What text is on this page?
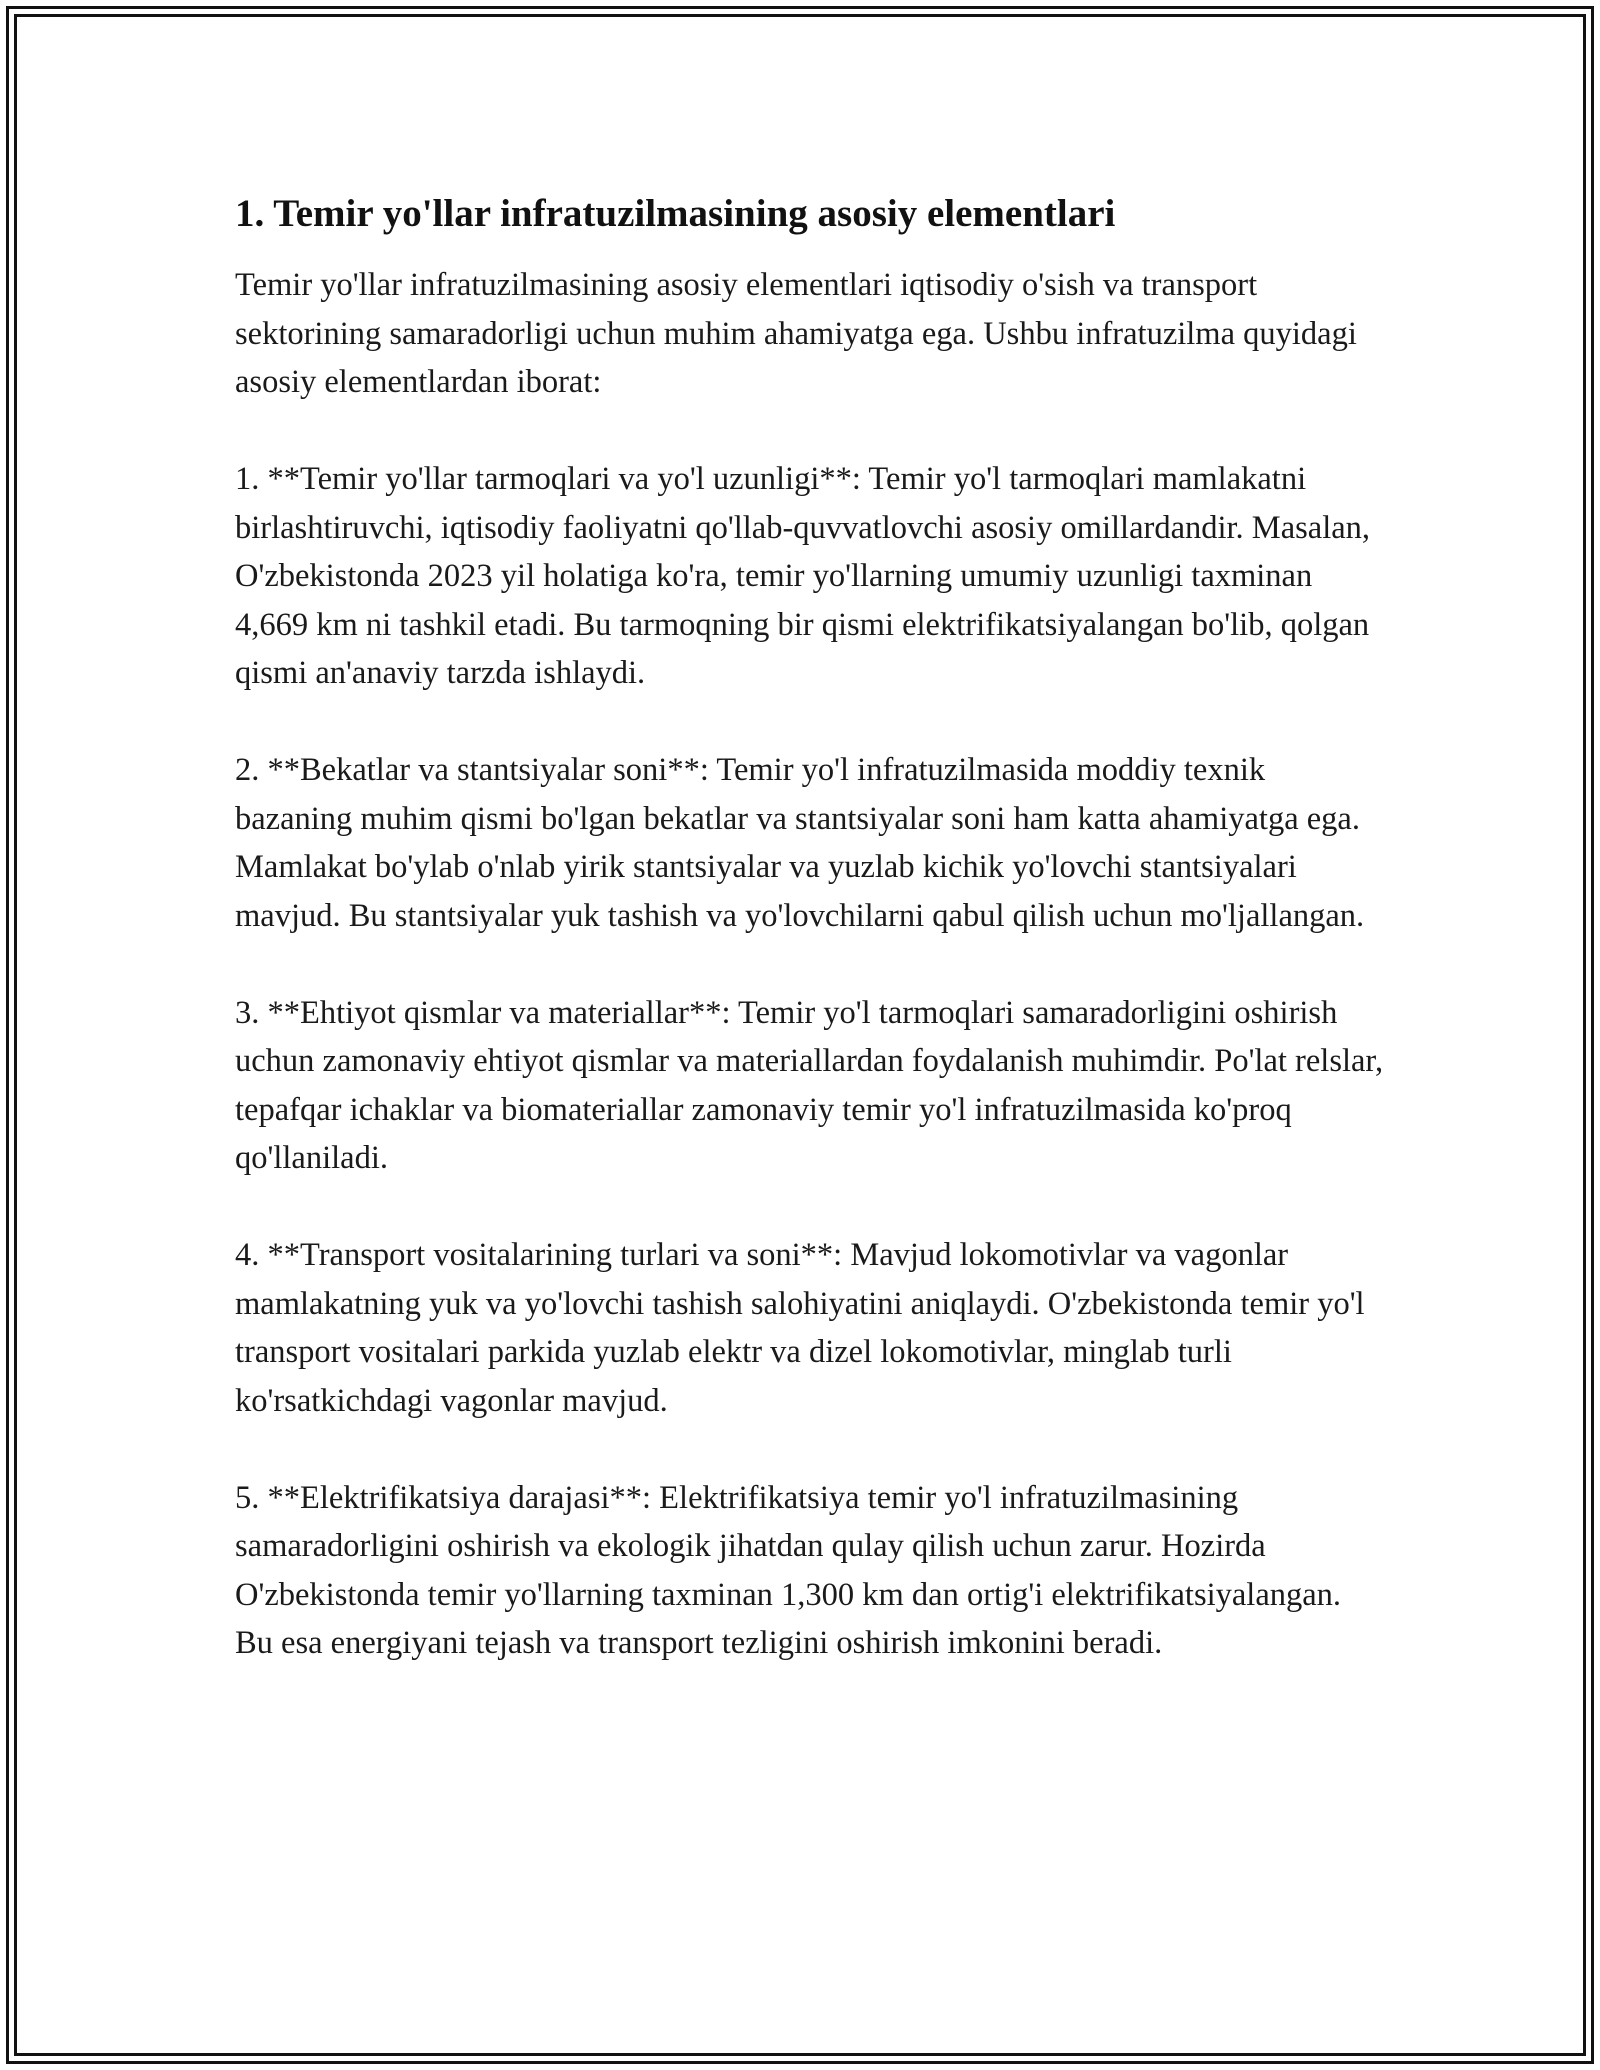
1. Temir yo'llar infratuzilmasining asosiy elementlari

Temir yo'llar infratuzilmasining asosiy elementlari iqtisodiy o'sish va transport sektorining samaradorligi uchun muhim ahamiyatga ega. Ushbu infratuzilma quyidagi asosiy elementlardan iborat:

1. **Temir yo'llar tarmoqlari va yo'l uzunligi**: Temir yo'l tarmoqlari mamlakatni birlashtiruvchi, iqtisodiy faoliyatni qo'llab-quvvatlovchi asosiy omillardandir. Masalan, O'zbekistonda 2023 yil holatiga ko'ra, temir yo'llarning umumiy uzunligi taxminan 4,669 km ni tashkil etadi. Bu tarmoqning bir qismi elektrifikatsiyalangan bo'lib, qolgan qismi an'anaviy tarzda ishlaydi.

2. **Bekatlar va stantsiyalar soni**: Temir yo'l infratuzilmasida moddiy texnik bazaning muhim qismi bo'lgan bekatlar va stantsiyalar soni ham katta ahamiyatga ega. Mamlakat bo'ylab o'nlab yirik stantsiyalar va yuzlab kichik yo'lovchi stantsiyalari mavjud. Bu stantsiyalar yuk tashish va yo'lovchilarni qabul qilish uchun mo'ljallangan.

3. **Ehtiyot qismlar va materiallar**: Temir yo'l tarmoqlari samaradorligini oshirish uchun zamonaviy ehtiyot qismlar va materiallardan foydalanish muhimdir. Po'lat relslar, tepafqar ichaklar va biomateriallar zamonaviy temir yo'l infratuzilmasida ko'proq qo'llaniladi.

4. **Transport vositalarining turlari va soni**: Mavjud lokomotivlar va vagonlar mamlakatning yuk va yo'lovchi tashish salohiyatini aniqlaydi. O'zbekistonda temir yo'l transport vositalari parkida yuzlab elektr va dizel lokomotivlar, minglab turli ko'rsatkichdagi vagonlar mavjud.

5. **Elektrifikatsiya darajasi**: Elektrifikatsiya temir yo'l infratuzilmasining samaradorligini oshirish va ekologik jihatdan qulay qilish uchun zarur. Hozirda O'zbekistonda temir yo'llarning taxminan 1,300 km dan ortig'i elektrifikatsiyalangan. Bu esa energiyani tejash va transport tezligini oshirish imkonini beradi.
